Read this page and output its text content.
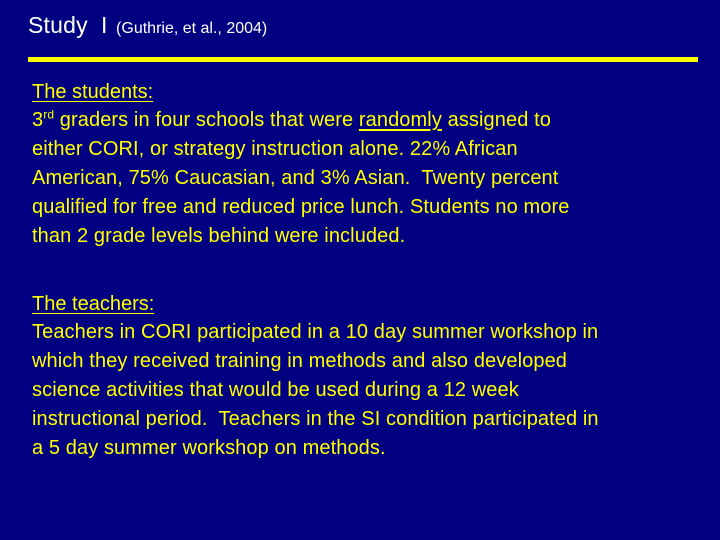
Study  I (Guthrie, et al., 2004)
The students:
3rd graders in four schools that were randomly assigned to
either CORI, or strategy instruction alone. 22% African
American, 75% Caucasian, and 3% Asian.  Twenty percent
qualified for free and reduced price lunch. Students no more
than 2 grade levels behind were included.
The teachers:
Teachers in CORI participated in a 10 day summer workshop in
which they received training in methods and also developed
science activities that would be used during a 12 week
instructional period.  Teachers in the SI condition participated in
a 5 day summer workshop on methods.
